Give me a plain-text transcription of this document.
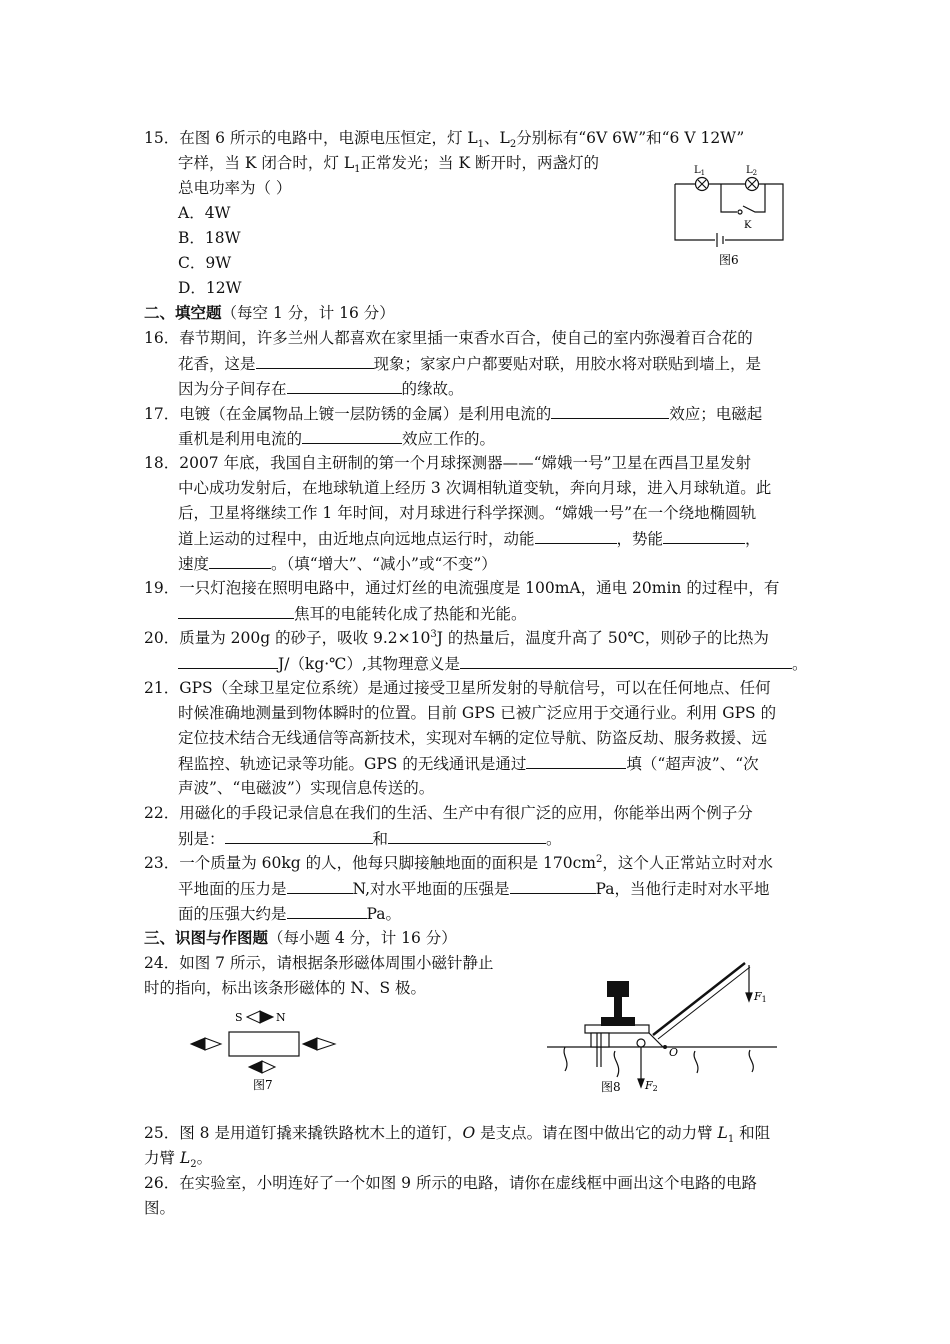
15．在图 6 所示的电路中，电源电压恒定，灯 $L_1$、$L_2$分别标有“6V 6W”和“6 V 12W”
字样，当 K 闭合时，灯 $L_1$正常发光；当 K 断开时，两盏灯的
总电功率为（ ）
A．4W
B．18W
C．9W
D．12W
$L_1$	$L_2$
K
图6
二、填空题（每空 1 分，计 16 分）
16．春节期间，许多兰州人都喜欢在家里插一束香水百合，使自己的室内弥漫着百合花的
花香，这是	现象；家家户户都要贴对联，用胶水将对联贴到墙上，是
因为分子间存在	的缘故。
17．电镀（在金属物品上镀一层防锈的金属）是利用电流的	效应；电磁起
重机是利用电流的	效应工作的。
18．2007 年底，我国自主研制的第一个月球探测器——“嫦娥一号”卫星在西昌卫星发射
中心成功发射后，在地球轨道上经历 3 次调相轨道变轨，奔向月球，进入月球轨道。此
后，卫星将继续工作 1 年时间，对月球进行科学探测。“嫦娥一号”在一个绕地椭圆轨
道上运动的过程中，由近地点向远地点运行时，动能	，势能	，
速度	。（填“增大”、“减小”或“不变”）
19．一只灯泡接在照明电路中，通过灯丝的电流强度是 100mA，通电 20min 的过程中，有
焦耳的电能转化成了热能和光能。
20．质量为 200g 的砂子，吸收 $9.2\times 10^3J$ 的热量后，温度升高了 50℃，则砂子的比热为
J/（kg·℃）,其物理意义是	。
21．GPS（全球卫星定位系统）是通过接受卫星所发射的导航信号，可以在任何地点、任何
时候准确地测量到物体瞬时的位置。目前 GPS 已被广泛应用于交通行业。利用 GPS 的
定位技术结合无线通信等高新技术，实现对车辆的定位导航、防盗反劫、服务救援、远
程监控、轨迹记录等功能。GPS 的无线通讯是通过	填（“超声波”、“次
声波”、“电磁波”）实现信息传送的。
22．用磁化的手段记录信息在我们的生活、生产中有很广泛的应用，你能举出两个例子分
别是：	和	。
23．一个质量为 60kg 的人，他每只脚接触地面的面积是 $170cm^2$，这个人正常站立时对水
平地面的压力是	N,对水平地面的压强是	Pa，当他行走时对水平地
面的压强大约是	Pa。
三、识图与作图题（每小题 4 分，计 16 分）
24．如图 7 所示，请根据条形磁体周围小磁针静止
时的指向，标出该条形磁体的 N、S 极。
S	N
图7
F1
F2
O
图8
25．图 8 是用道钉撬来撬铁路枕木上的道钉，O 是支点。请在图中做出它的动力臂 $L_1$ 和阻
力臂 $L_2$。
26．在实验室，小明连好了一个如图 9 所示的电路，请你在虚线框中画出这个电路的电路
图。
